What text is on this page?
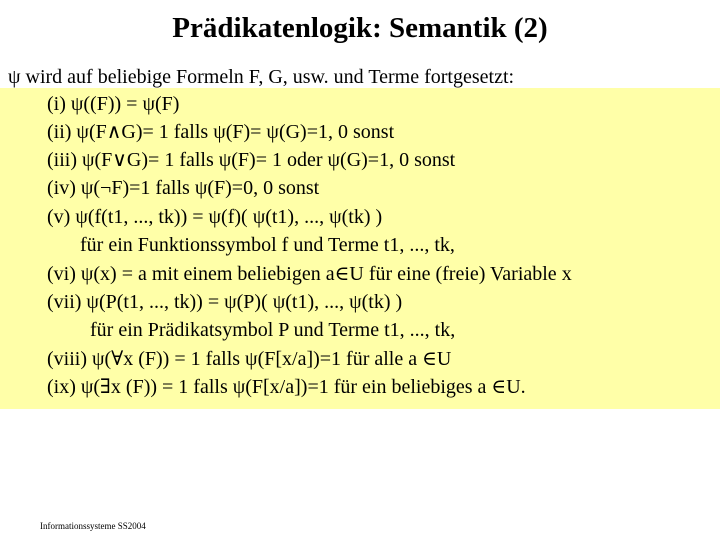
Prädikatenlogik: Semantik (2)
ψ wird auf beliebige Formeln F, G, usw. und Terme fortgesetzt:
(i) ψ((F)) = ψ(F)
(ii) ψ(F∧G)= 1 falls ψ(F)= ψ(G)=1, 0 sonst
(iii) ψ(F∨G)= 1 falls ψ(F)= 1 oder ψ(G)=1, 0 sonst
(iv) ψ(¬F)=1 falls ψ(F)=0, 0 sonst
(v) ψ(f(t1, ..., tk)) = ψ(f)( ψ(t1), ..., ψ(tk) )
für ein Funktionssymbol f und Terme t1, ..., tk,
(vi) ψ(x) = a mit einem beliebigen a∈U für eine (freie) Variable x
(vii) ψ(P(t1, ..., tk)) = ψ(P)( ψ(t1), ..., ψ(tk) )
für ein Prädikatsymbol P und Terme t1, ..., tk,
(viii) ψ(∀x (F)) = 1 falls ψ(F[x/a])=1 für alle a ∈U
(ix) ψ(∃x (F)) = 1 falls ψ(F[x/a])=1 für ein beliebiges a ∈U.
Informationssysteme SS2004
